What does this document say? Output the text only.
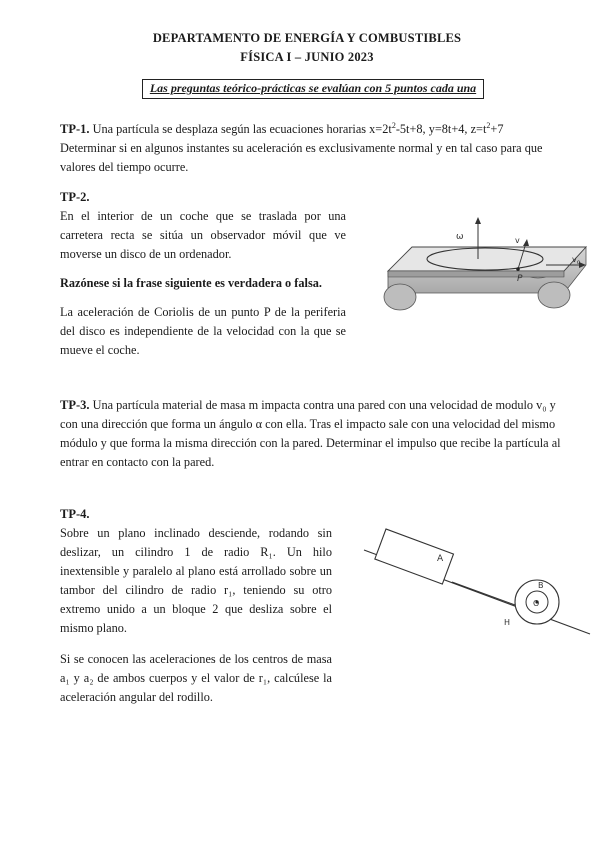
DEPARTAMENTO DE ENERGÍA Y COMBUSTIBLES
FÍSICA I – JUNIO 2023
Las preguntas teórico-prácticas se evalúan con 5 puntos cada una
TP-1. Una partícula se desplaza según las ecuaciones horarias $x=2t^2-5t+8$, y=8t+4, $z=t^2+7$
Determinar si en algunos instantes su aceleración es exclusivamente normal y en tal caso para que
valores del tiempo ocurre.
TP-2.
En el interior de un coche que se traslada por una
carretera recta se sitúa un observador móvil que ve
moverse un disco de un ordenador.
Razónese si la frase siguiente es verdadera o falsa.
La aceleración de Coriolis de un punto P de la periferia
del disco es independiente de la velocidad con la que se
mueve el coche.
ω	v
P
$v_o$
TP-3. Una partícula material de masa m impacta contra una pared con una velocidad de modulo v₀ y
con una dirección que forma un ángulo α con ella. Tras el impacto sale con una velocidad del mismo
módulo y que forma la misma dirección con la pared. Determinar el impulso que recibe la partícula al
entrar en contacto con la pared.
TP-4.
Sobre un plano inclinado desciende, rodando sin
deslizar, un cilindro 1 de radio R₁. Un hilo
inextensible y paralelo al plano está arrollado sobre un
tambor del cilindro de radio r₁, teniendo su otro
extremo unido a un bloque 2 que desliza sobre el
mismo plano.
Si se conocen las aceleraciones de los centros de masa
a₁ y a₂ de ambos cuerpos y el valor de r₁, calcúlese la
aceleración angular del rodillo.
A
O
B
H
